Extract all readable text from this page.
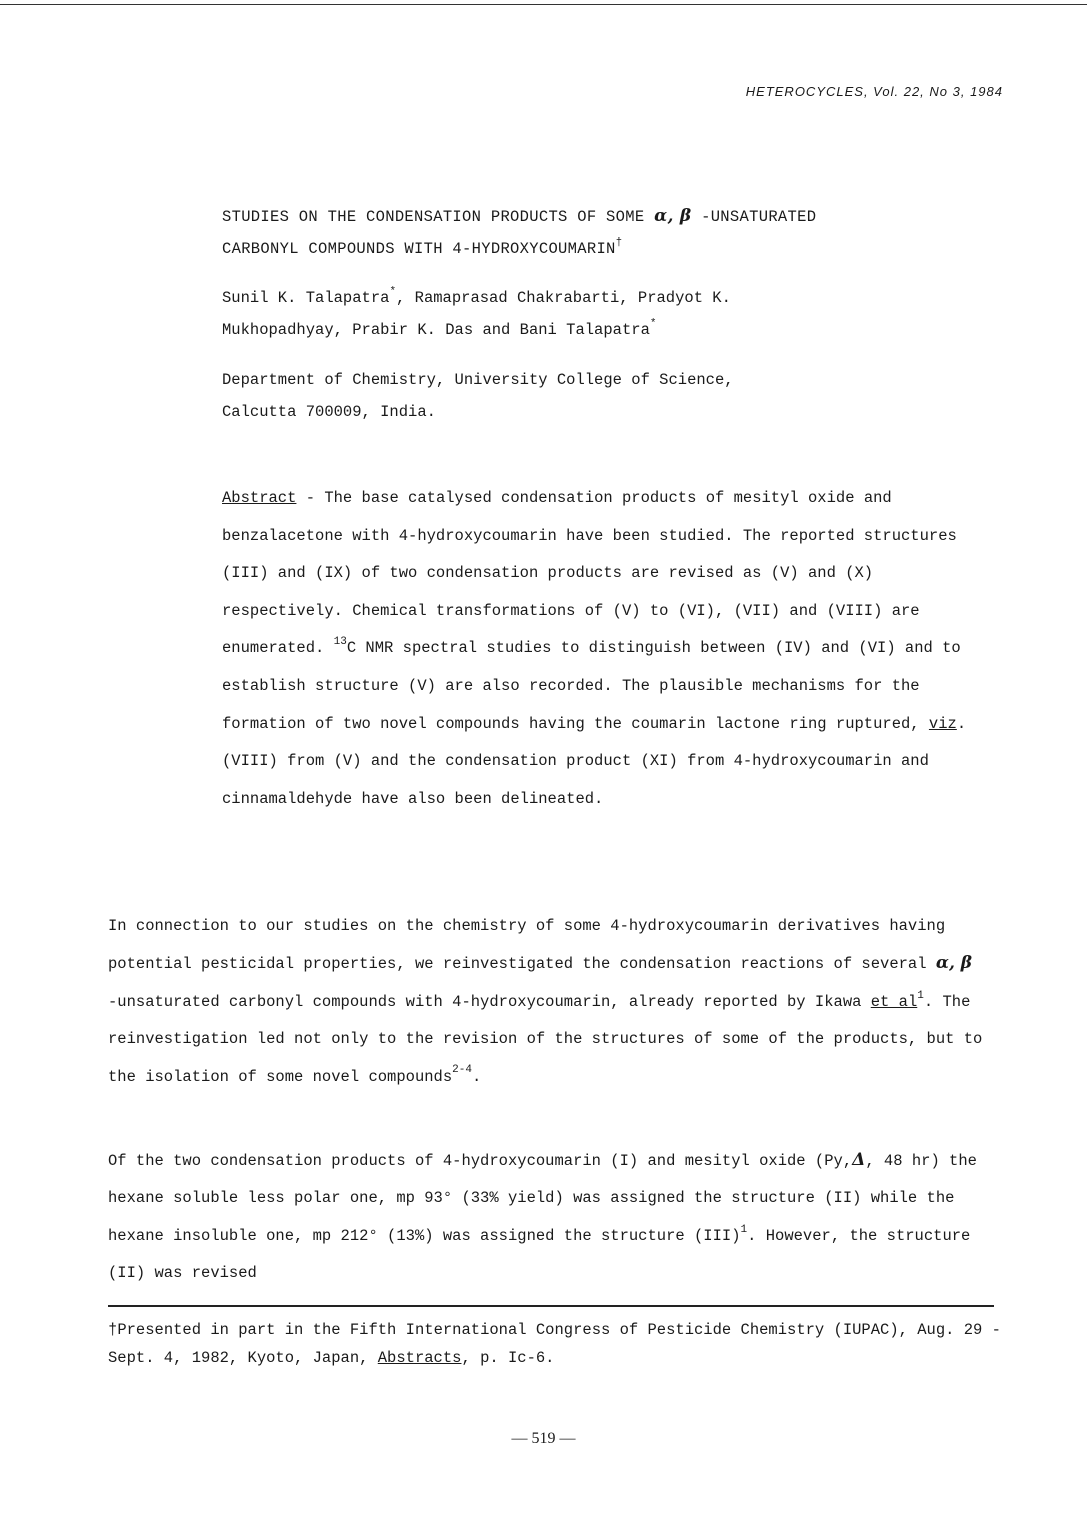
HETEROCYCLES, Vol. 22, No 3, 1984
STUDIES ON THE CONDENSATION PRODUCTS OF SOME α, β -UNSATURATED
CARBONYL COMPOUNDS WITH 4-HYDROXYCOUMARIN†
Sunil K. Talapatra*, Ramaprasad Chakrabarti, Pradyot K.
Mukhopadhyay, Prabir K. Das and Bani Talapatra*
Department of Chemistry, University College of Science,
Calcutta 700009, India.
Abstract - The base catalysed condensation products of mesityl oxide and benzalacetone with 4-hydroxycoumarin have been studied. The reported structures (III) and (IX) of two condensation products are revised as (V) and (X) respectively. Chemical transformations of (V) to (VI), (VII) and (VIII) are enumerated. $^{13}$C NMR spectral studies to distinguish between (IV) and (VI) and to establish structure (V) are also recorded. The plausible mechanisms for the formation of two novel compounds having the coumarin lactone ring ruptured, viz. (VIII) from (V) and the condensation product (XI) from 4-hydroxycoumarin and cinnamaldehyde have also been delineated.
In connection to our studies on the chemistry of some 4-hydroxycoumarin derivatives having potential pesticidal properties, we reinvestigated the condensation reactions of several α, β -unsaturated carbonyl compounds with 4-hydroxycoumarin, already reported by Ikawa et $al^1$. The reinvestigation led not only to the revision of the structures of some of the products, but to the isolation of some novel compounds$^{2-4}$.
Of the two condensation products of 4-hydroxycoumarin (I) and mesityl oxide (Py,Δ, 48 hr) the hexane soluble less polar one, mp 93° (33% yield) was assigned the structure (II) while the hexane insoluble one, mp 212° (13%) was assigned the structure (III)$^1$. However, the structure (II) was revised
†Presented in part in the Fifth International Congress of Pesticide Chemistry (IUPAC), Aug. 29 - Sept. 4, 1982, Kyoto, Japan, Abstracts, p. Ic-6.
— 519 —
